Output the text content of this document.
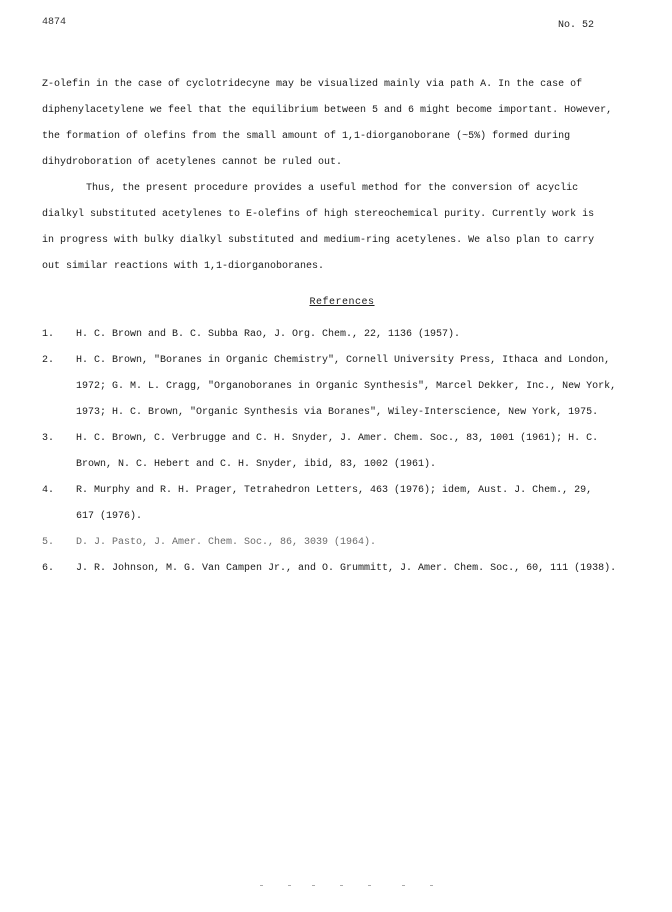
4874	No. 52

Z-olefin in the case of cyclotridecyne may be visualized mainly via path A. In the case of

diphenylacetylene we feel that the equilibrium between 5 and 6 might become important. However,

the formation of olefins from the small amount of 1,1-diorganoborane (~5%) formed during

dihydroboration of acetylenes cannot be ruled out.

Thus, the present procedure provides a useful method for the conversion of acyclic

dialkyl substituted acetylenes to E-olefins of high stereochemical purity. Currently work is

in progress with bulky dialkyl substituted and medium-ring acetylenes. We also plan to carry

out similar reactions with 1,1-diorganoboranes.

References
1. H. C. Brown and B. C. Subba Rao, J. Org. Chem., 22, 1136 (1957).
2. H. C. Brown, "Boranes in Organic Chemistry", Cornell University Press, Ithaca and London,
1972; G. M. L. Cragg, "Organoboranes in Organic Synthesis", Marcel Dekker, Inc., New York,
1973; H. C. Brown, "Organic Synthesis via Boranes", Wiley-Interscience, New York, 1975.
3. H. C. Brown, C. Verbrugge and C. H. Snyder, J. Amer. Chem. Soc., 83, 1001 (1961); H. C.
Brown, N. C. Hebert and C. H. Snyder, ibid, 83, 1002 (1961).
4. R. Murphy and R. H. Prager, Tetrahedron Letters, 463 (1976); idem, Aust. J. Chem., 29,
617 (1976).
5. D. J. Pasto, J. Amer. Chem. Soc., 86, 3039 (1964).
6. J. R. Johnson, M. G. Van Campen Jr., and O. Grummitt, J. Amer. Chem. Soc., 60, 111 (1938).
